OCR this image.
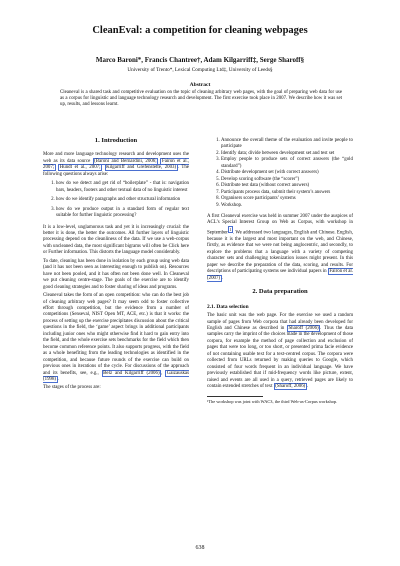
CleanEval: a competition for cleaning webpages
Marco Baroni*, Francis Chantree†, Adam Kilgarriff‡, Serge Sharoff§
University of Trento*, Lexical Computing Ltd‡, University of Leeds§
Abstract
Cleaneval is a shared task and competitive evaluation on the topic of cleaning arbitrary web pages, with the goal of preparing web data for use as a corpus for linguistic and language technology research and development. The first exercise took place in 2007. We describe how it was set up, results, and lessons learnt.
1. Introduction

More and more language technology research and development uses the web as its data source (Baroni and Bernardini, 2006; Fairon et al., 2007; Hundt et al., 2007; Kilgarriff and Grefenstette, 2003) . The following questions always arise:

1. how do we detect and get rid of “boilerplate” - that is: navigation bars, headers, footers and other textual data of no linguistic interest
2. how do we identify paragraphs and other structural information
3. how do we produce output in a standard form of regular text suitable for further linguistic processing?

It is a low-level, unglamorous task and yet it is increasingly crucial: the better it is done, the better the outcomes. All further layers of linguistic processing depend on the cleanliness of the data. If we use a web-corpus with uncleaned data, the most significant bigrams will often be Click here or Further information. This distorts the language model considerably.

To date, cleaning has been done in isolation by each group using web data (and it has not been seen as interesting enough to publish on). Resources have not been pooled, and it has often not been done well. In Cleaneval we put cleaning centre-stage. The goals of the exercise are to identify good cleaning strategies and to foster sharing of ideas and programs.

Cleaneval takes the form of an open competition: who can do the best job of cleaning arbitrary web pages? It may seem odd to foster collective effort through competition, but the evidence from a number of competitions (Senseval, NIST Open MT, ACE, etc.) is that it works: the process of setting up the exercise precipitates discussion about the critical questions in the field, the ‘game’ aspect brings in additional participants including junior ones who might otherwise find it hard to gain entry into the field, and the whole exercise sets benchmarks for the field which then become common reference points. It also supports progress, with the field as a whole benefiting from the leading technologies as identified in the competition, and because future rounds of the exercise can build on previous ones in iterations of the cycle. For discussions of the approach and its benefits, see, e.g., Belz and Kilgarriff (2006) , Gaizauskas (1998) .

The stages of the process are:

1. Announce the overall theme of the evaluation and invite people to participate
2. Identify data; divide between development set and test set
3. Employ people to produce sets of correct answers (the “gold standard”)
4. Distribute development set (with correct answers)
5. Develop scoring software (the “scorer”)
6. Distribute test data (without correct answers)
7. Participants process data, submit their system’s answers
8. Organisers score participants’ systems
9. Workshop.

A first Cleaneval exercise was held in summer 2007 under the auspices of ACL’s Special Interest Group on Web as Corpus, with workshop in September$^1$. We addressed two languages, English and Chinese. English, because it is the largest and most important on the web, and Chinese, firstly, as evidence that we were not being anglocentric, and secondly, to explore the problems that a language with a variety of competing character sets and challenging tokenization issues might present. In this paper we describe the preparation of the data, scoring, and results. For descriptions of participating systems see individual papers in Fairon et al. (2007) .

2. Data preparation
2.1. Data selection

The basic unit was the web page. For the exercise we used a random sample of pages from Web corpora that had already been developed for English and Chinese as described in Sharoff (2006) . Thus the data samples carry the imprint of the choices made in the development of those corpora, for example the method of page collection and exclusion of pages that were too long, or too short, or presented prima facie evidence of not containing usable text for a text-centred corpus. The corpora were collected from URLs returned by making queries to Google, which consisted of four words frequent in an individual language. We have previously established that if mid-frequency words like picture, extent, raised and events are all used in a query, retrieved pages are likely to contain extended stretches of text (Sharoff, 2006) .

¹The workshop was joint with WAC3, the third Web-as-Corpus workshop.
638
